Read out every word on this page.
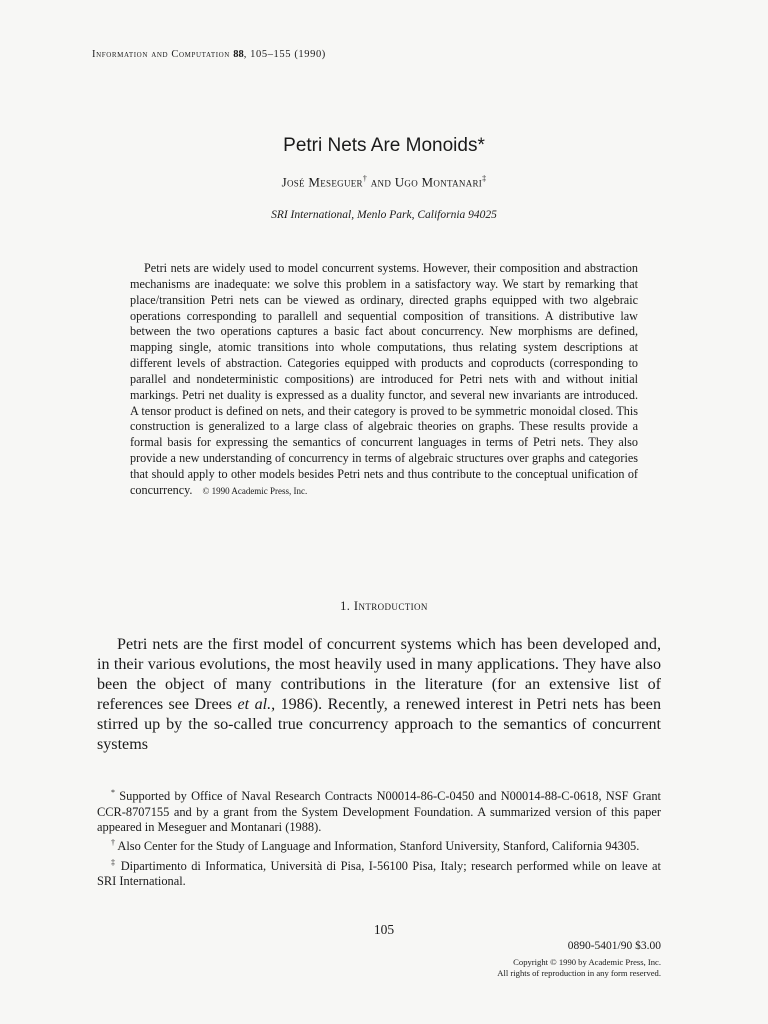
Information and Computation 88, 105–155 (1990)
Petri Nets Are Monoids*
José Meseguer† and Ugo Montanari‡
SRI International, Menlo Park, California 94025

Petri nets are widely used to model concurrent systems. However, their composition and abstraction mechanisms are inadequate: we solve this problem in a satisfactory way. We start by remarking that place/transition Petri nets can be viewed as ordinary, directed graphs equipped with two algebraic operations corresponding to parallell and sequential composition of transitions. A distributive law between the two operations captures a basic fact about concurrency. New morphisms are defined, mapping single, atomic transitions into whole computations, thus relating system descriptions at different levels of abstraction. Categories equipped with products and coproducts (corresponding to parallel and nondeterministic compositions) are introduced for Petri nets with and without initial markings. Petri net duality is expressed as a duality functor, and several new invariants are introduced. A tensor product is defined on nets, and their category is proved to be symmetric monoidal closed. This construction is generalized to a large class of algebraic theories on graphs. These results provide a formal basis for expressing the semantics of concurrent languages in terms of Petri nets. They also provide a new understanding of concurrency in terms of algebraic structures over graphs and categories that should apply to other models besides Petri nets and thus contribute to the conceptual unification of concurrency. © 1990 Academic Press, Inc.

1. Introduction

Petri nets are the first model of concurrent systems which has been developed and, in their various evolutions, the most heavily used in many applications. They have also been the object of many contributions in the literature (for an extensive list of references see Drees et al., 1986). Recently, a renewed interest in Petri nets has been stirred up by the so-called true concurrency approach to the semantics of concurrent systems

* Supported by Office of Naval Research Contracts N00014-86-C-0450 and N00014-88-C-0618, NSF Grant CCR-8707155 and by a grant from the System Development Foundation. A summarized version of this paper appeared in Meseguer and Montanari (1988).

† Also Center for the Study of Language and Information, Stanford University, Stanford, California 94305.

‡ Dipartimento di Informatica, Università di Pisa, I-56100 Pisa, Italy; research performed while on leave at SRI International.

105
0890-5401/90 $3.00
Copyright © 1990 by Academic Press, Inc.
All rights of reproduction in any form reserved.
